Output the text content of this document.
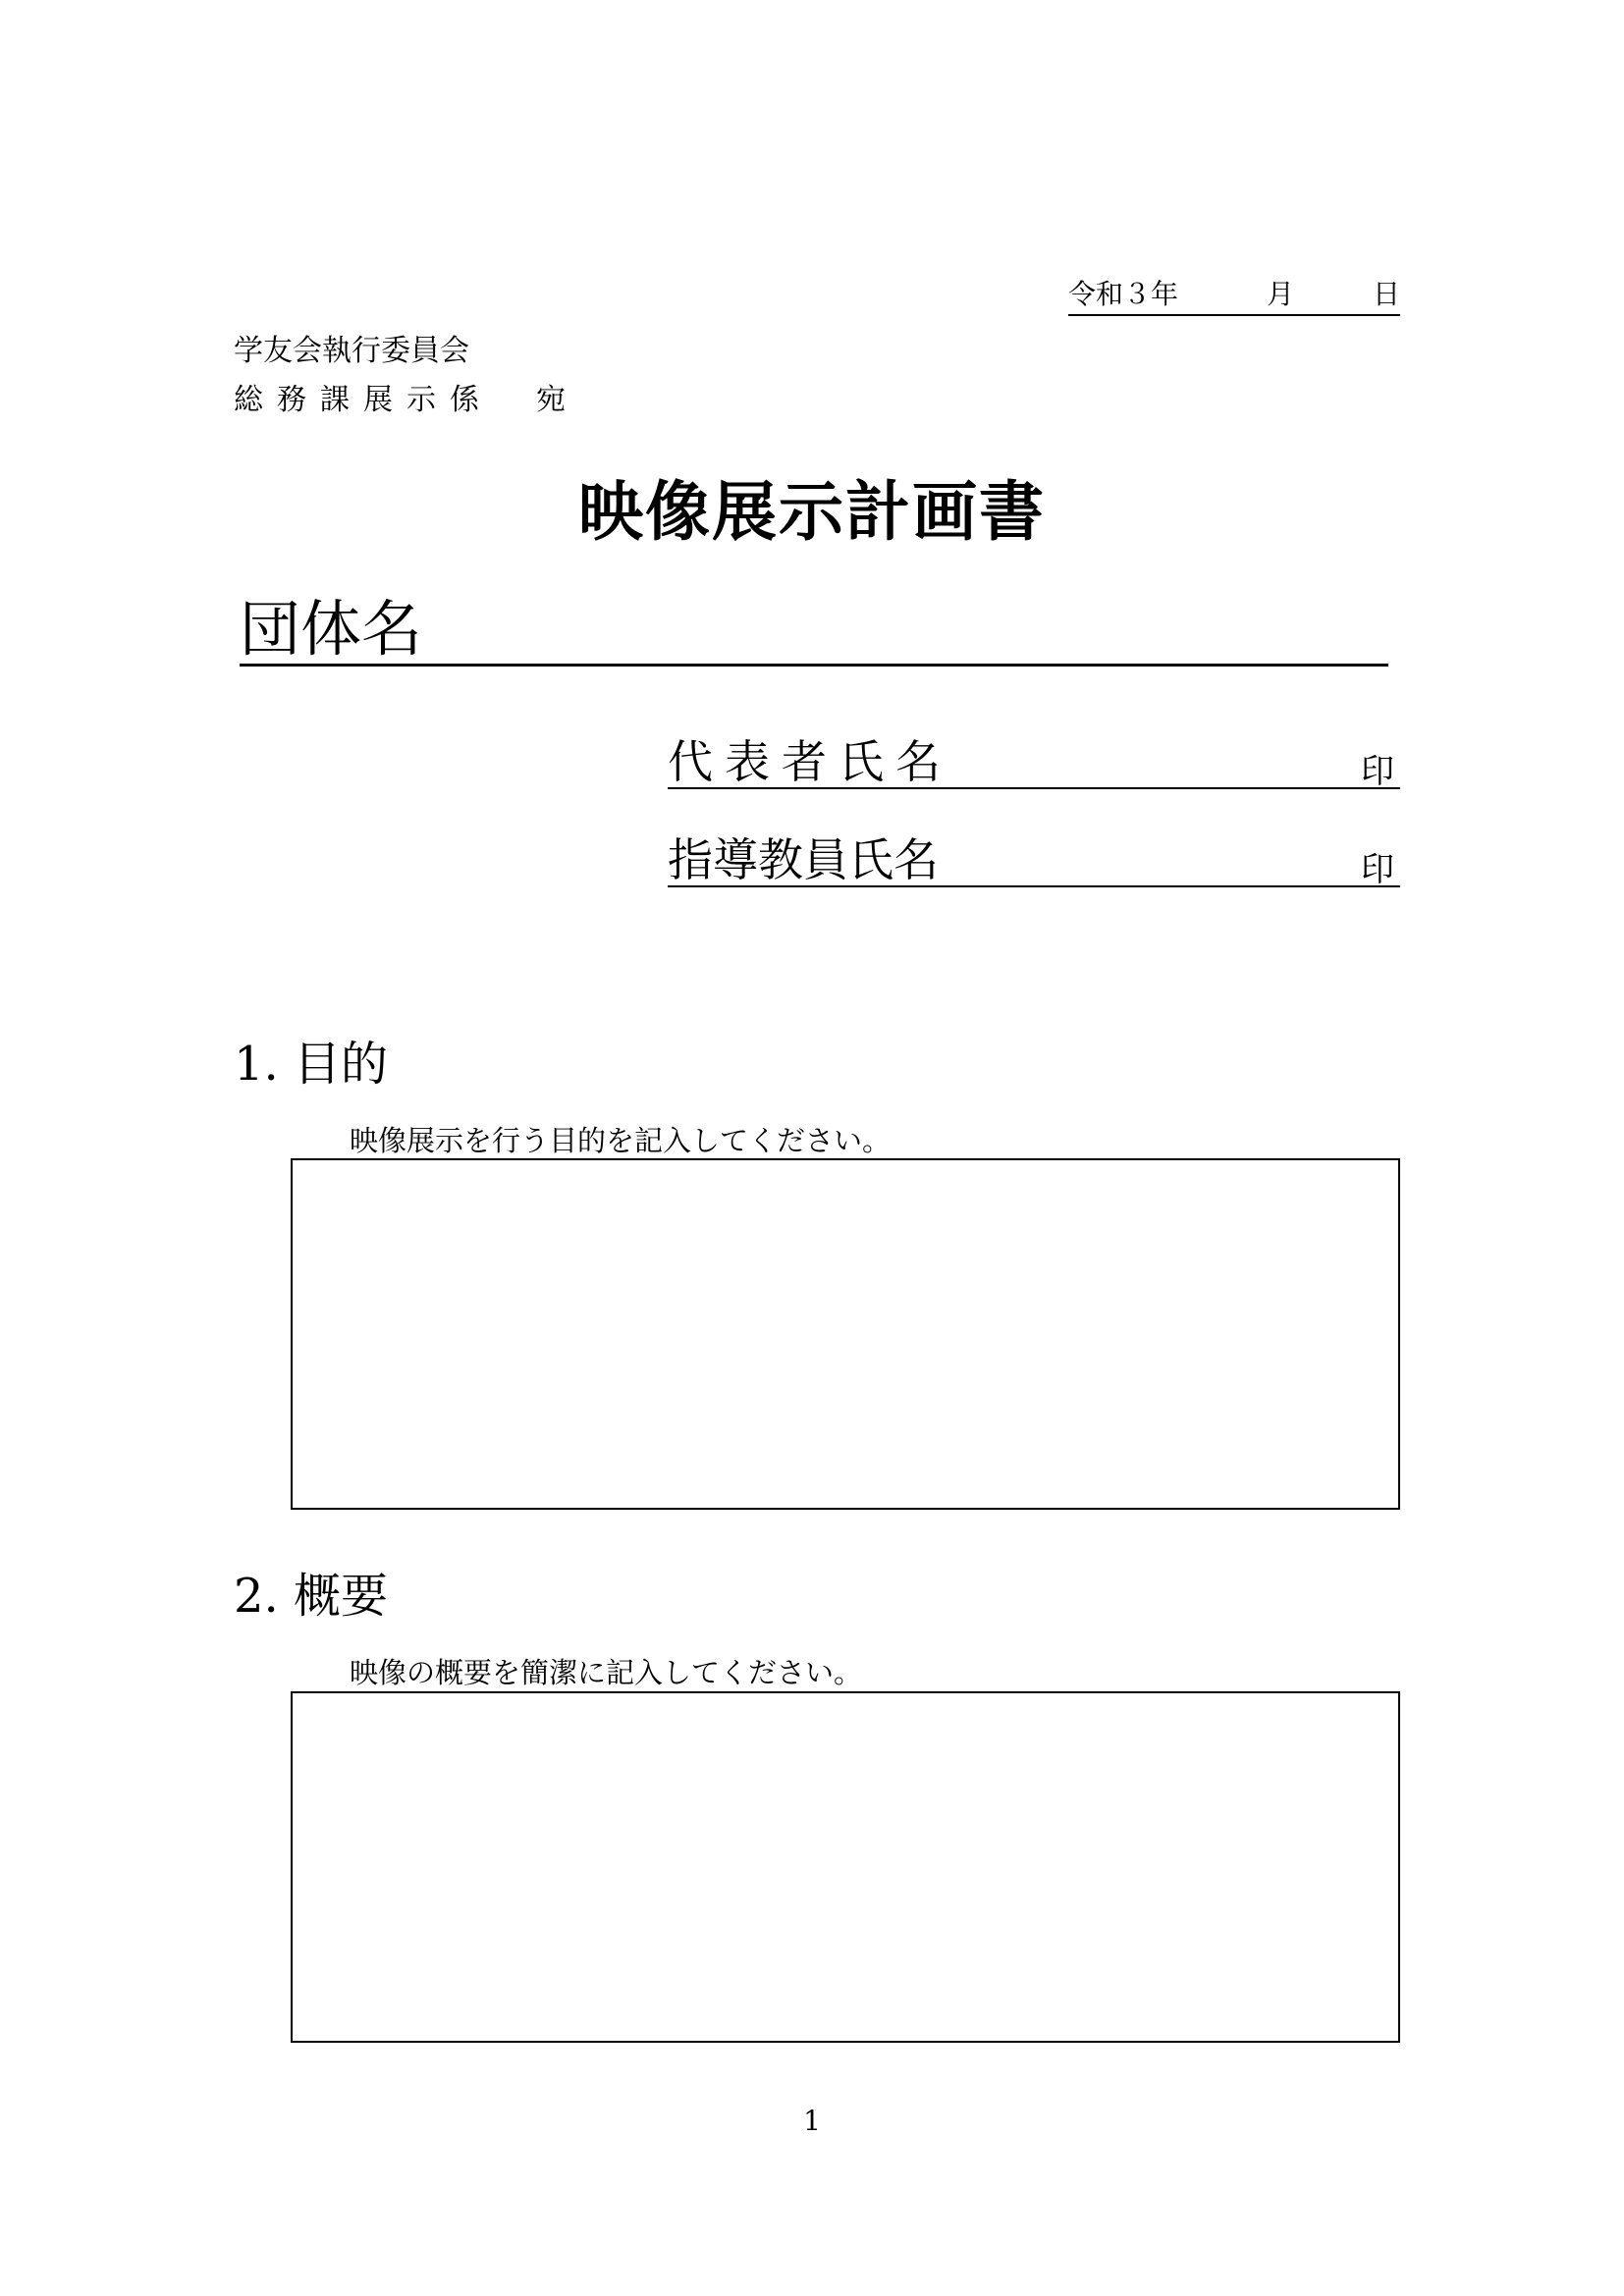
令和３年	月	日
学友会執行委員会
総務課展示係　宛
映像展示計画書
団体名
代表者氏名	印
指導教員氏名	印
1. 目的
映像展示を行う目的を記入してください。
2. 概要
映像の概要を簡潔に記入してください。
1
